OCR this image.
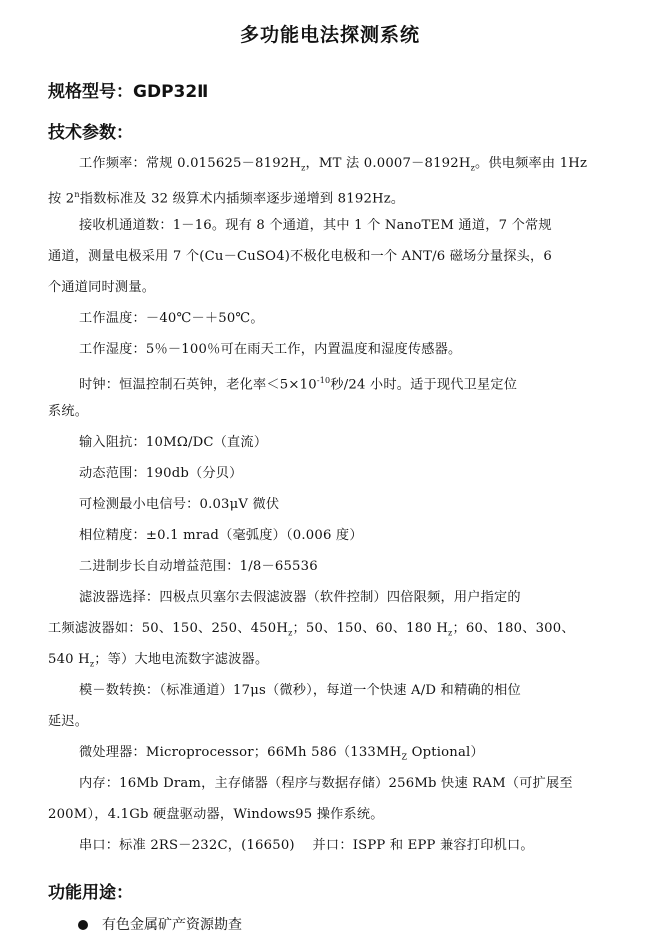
多功能电法探测系统
规格型号：GDP32Ⅱ
技术参数：
工作频率：常规 $0.015625-8192H_z$，MT 法 $0.0007-8192H_z$。供电频率由 1Hz
按 2$^n$指数标准及 32 级算术内插频率逐步递增到 8192Hz。
接收机通道数：1－16。现有 8 个通道，其中 1 个 NanoTEM 通道，7 个常规
通道，测量电极采用 7 个(Cu－CuSO4)不极化电极和一个 ANT/6 磁场分量探头，6
个通道同时测量。
工作温度：－40℃－＋50℃。
工作湿度：5％－100％可在雨天工作，内置温度和湿度传感器。
时钟：恒温控制石英钟，老化率$<5\times 10^{-10}$秒/24 小时。适于现代卫星定位
系统。
输入阻抗：10MΩ/DC（直流）
动态范围：190db（分贝）
可检测最小电信号：0.03μV 微伏
相位精度：±0.1 mrad（毫弧度）（0.006 度）
二进制步长自动增益范围：1/8－65536
滤波器选择：四极点贝塞尔去假滤波器（软件控制）四倍限频，用户指定的
工频滤波器如：50、150、250、$450H_z$；50、150、60、180 $H_z$；60、180、300、
540 $H_z$；等）大地电流数字滤波器。
模－数转换：（标准通道）17μs（微秒），每道一个快速 A/D 和精确的相位
延迟。
微处理器：Microprocessor；66Mh $586(133MH_Z$ Optional）
内存：16Mb Dram，主存储器（程序与数据存储）256Mb 快速 RAM（可扩展至
200M），4.1Gb 硬盘驱动器，Windows95 操作系统。
串口：标准 2RS－232C，(16650)　 并口：ISPP 和 EPP 兼容打印机口。
功能用途：
有色金属矿产资源勘查
